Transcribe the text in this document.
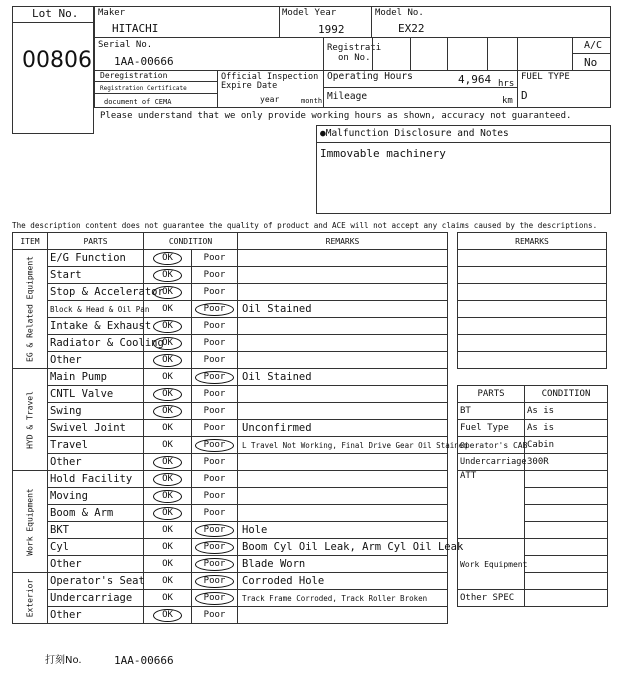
Lot No.
00806
Maker
HITACHI
Model Year
1992
Model No.
EX22
Serial No.
1AA-00666
Registrati
on No.
A/C
No
Deregistration
Registration Certificate
document of CEMA
Official Inspection
Expire Date
year	month
Operating Hours	4,964 hrs
Mileage	km
FUEL TYPE
D
Please understand that we only provide working hours as shown, accuracy not guaranteed.
●Malfunction Disclosure and Notes
Immovable machinery
The description content does not guarantee the quality of product and ACE will not accept any claims caused by the descriptions.
ITEM	PARTS	CONDITION		REMARKS

EG & Related Equipment	E/G Function	OK	Poor	
	Start	OK	Poor	
	Stop & Accelerator	OK	Poor	
	Block & Head & Oil Pan	OK	Poor	Oil Stained
	Intake & Exhaust	OK	Poor	
	Radiator & Cooling	OK	Poor	
	Other	OK	Poor	

HYD & Travel	Main Pump	OK	Poor	Oil Stained
	CNTL Valve	OK	Poor	
	Swing	OK	Poor	
	Swivel Joint	OK	Poor	Unconfirmed
	Travel	OK	Poor	L Travel Not Working, Final Drive Gear Oil Stained
	Other	OK	Poor	

Work Equipment	Hold Facility	OK	Poor	
	Moving	OK	Poor	
	Boom & Arm	OK	Poor	
	BKT	OK	Poor	Hole
	Cyl	OK	Poor	Boom Cyl Oil Leak, Arm Cyl Oil Leak
	Other	OK	Poor	Blade Worn

Exterior	Operator's Seat	OK	Poor	Corroded Hole
	Undercarriage	OK	Poor	Track Frame Corroded, Track Roller Broken
	Other	OK	Poor	
REMARKS

PARTS	CONDITION
BT	As is
Fuel Type	As is
Operator's CAB	Cabin
Undercarriage	300R
ATT	

Work Equipment	

Other SPEC	
打刻No.	1AA-00666
